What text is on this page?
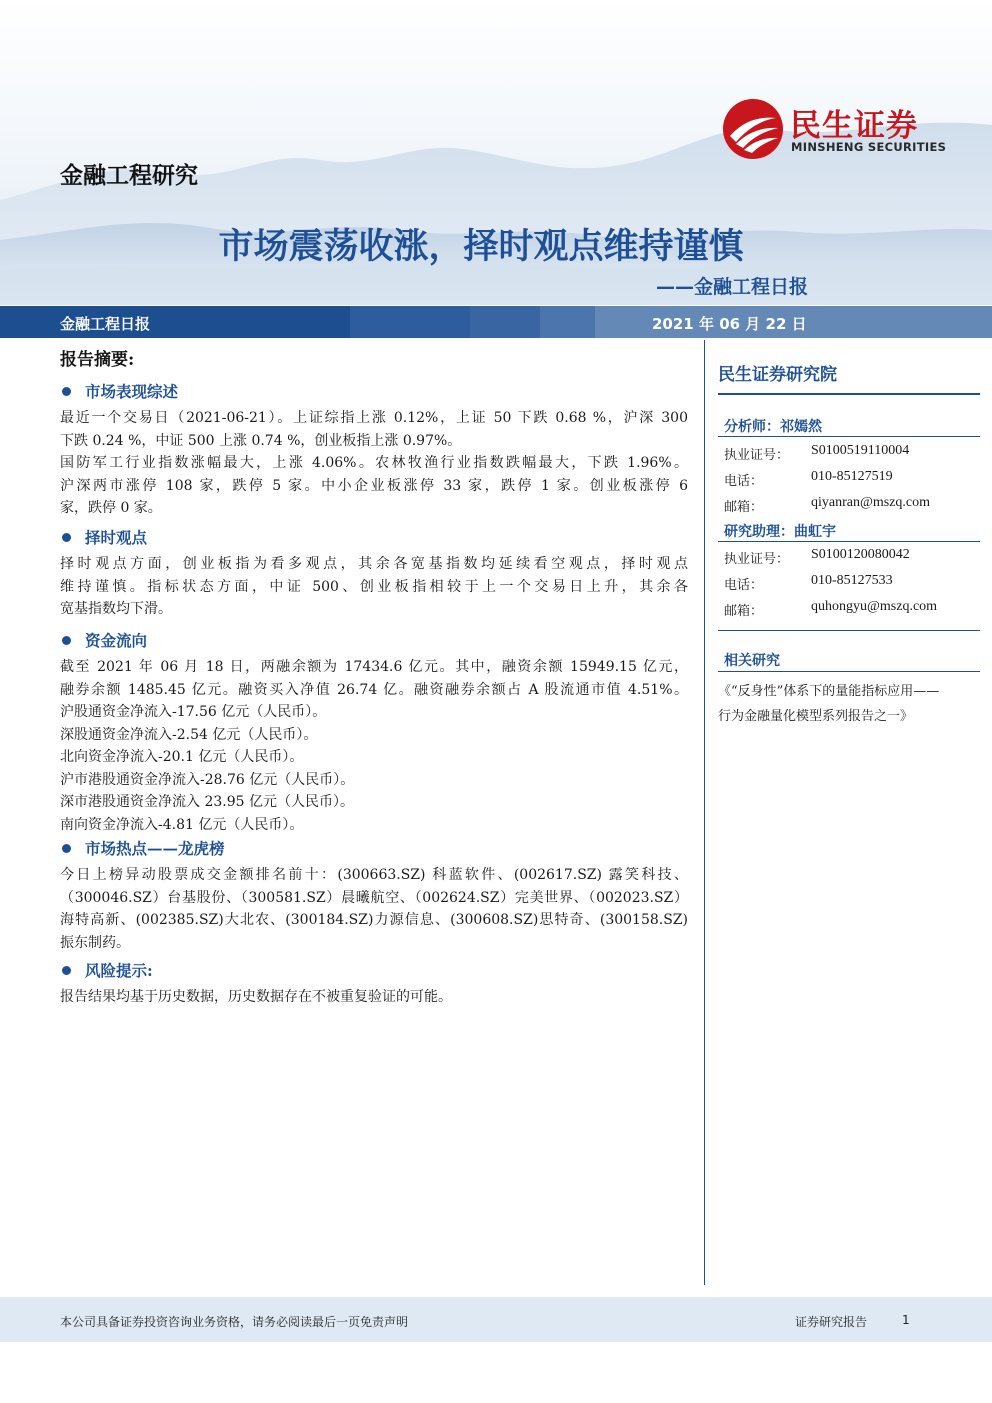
金融工程研究
民生证券
MINSHENG SECURITIES
市场震荡收涨，择时观点维持谨慎
——金融工程日报
金融工程日报	2021 年 06 月 22 日
报告摘要:
市场表现综述
最近一个交易日（2021-06-21）。上证综指上涨 0.12%，上证 50 下跌 0.68 %，沪深 300
下跌 0.24 %，中证 500 上涨 0.74 %，创业板指上涨 0.97%。
国防军工行业指数涨幅最大，上涨 4.06%。农林牧渔行业指数跌幅最大，下跌 1.96%。
沪深两市涨停 108 家，跌停 5 家。中小企业板涨停 33 家，跌停 1 家。创业板涨停 6
家，跌停 0 家。
择时观点
择时观点方面，创业板指为看多观点，其余各宽基指数均延续看空观点，择时观点
维持谨慎。指标状态方面，中证 500、创业板指相较于上一个交易日上升，其余各
宽基指数均下滑。
资金流向
截至 2021 年 06 月 18 日，两融余额为 17434.6 亿元。其中，融资余额 15949.15 亿元，
融券余额 1485.45 亿元。融资买入净值 26.74 亿。融资融券余额占 A 股流通市值 4.51%。
沪股通资金净流入-17.56 亿元（人民币）。
深股通资金净流入-2.54 亿元（人民币）。
北向资金净流入-20.1 亿元（人民币）。
沪市港股通资金净流入-28.76 亿元（人民币）。
深市港股通资金净流入 23.95 亿元（人民币）。
南向资金净流入-4.81 亿元（人民币）。
市场热点——龙虎榜
今日上榜异动股票成交金额排名前十：(300663.SZ) 科蓝软件、(002617.SZ) 露笑科技、
（300046.SZ）台基股份、（300581.SZ）晨曦航空、（002624.SZ）完美世界、（002023.SZ）
海特高新、(002385.SZ)大北农、(300184.SZ)力源信息、(300608.SZ)思特奇、(300158.SZ)
振东制药。
风险提示:
报告结果均基于历史数据，历史数据存在不被重复验证的可能。
民生证券研究院
分析师：祁嫣然
执业证号： S0100519110004
电话：	010-85127519
邮箱：	qiyanran@mszq.com
研究助理：曲虹宇
执业证号： S0100120080042
电话：	010-85127533
邮箱：	quhongyu@mszq.com
相关研究
《“反身性”体系下的量能指标应用——
行为金融量化模型系列报告之一》
本公司具备证券投资咨询业务资格，请务必阅读最后一页免责声明	证券研究报告	1
